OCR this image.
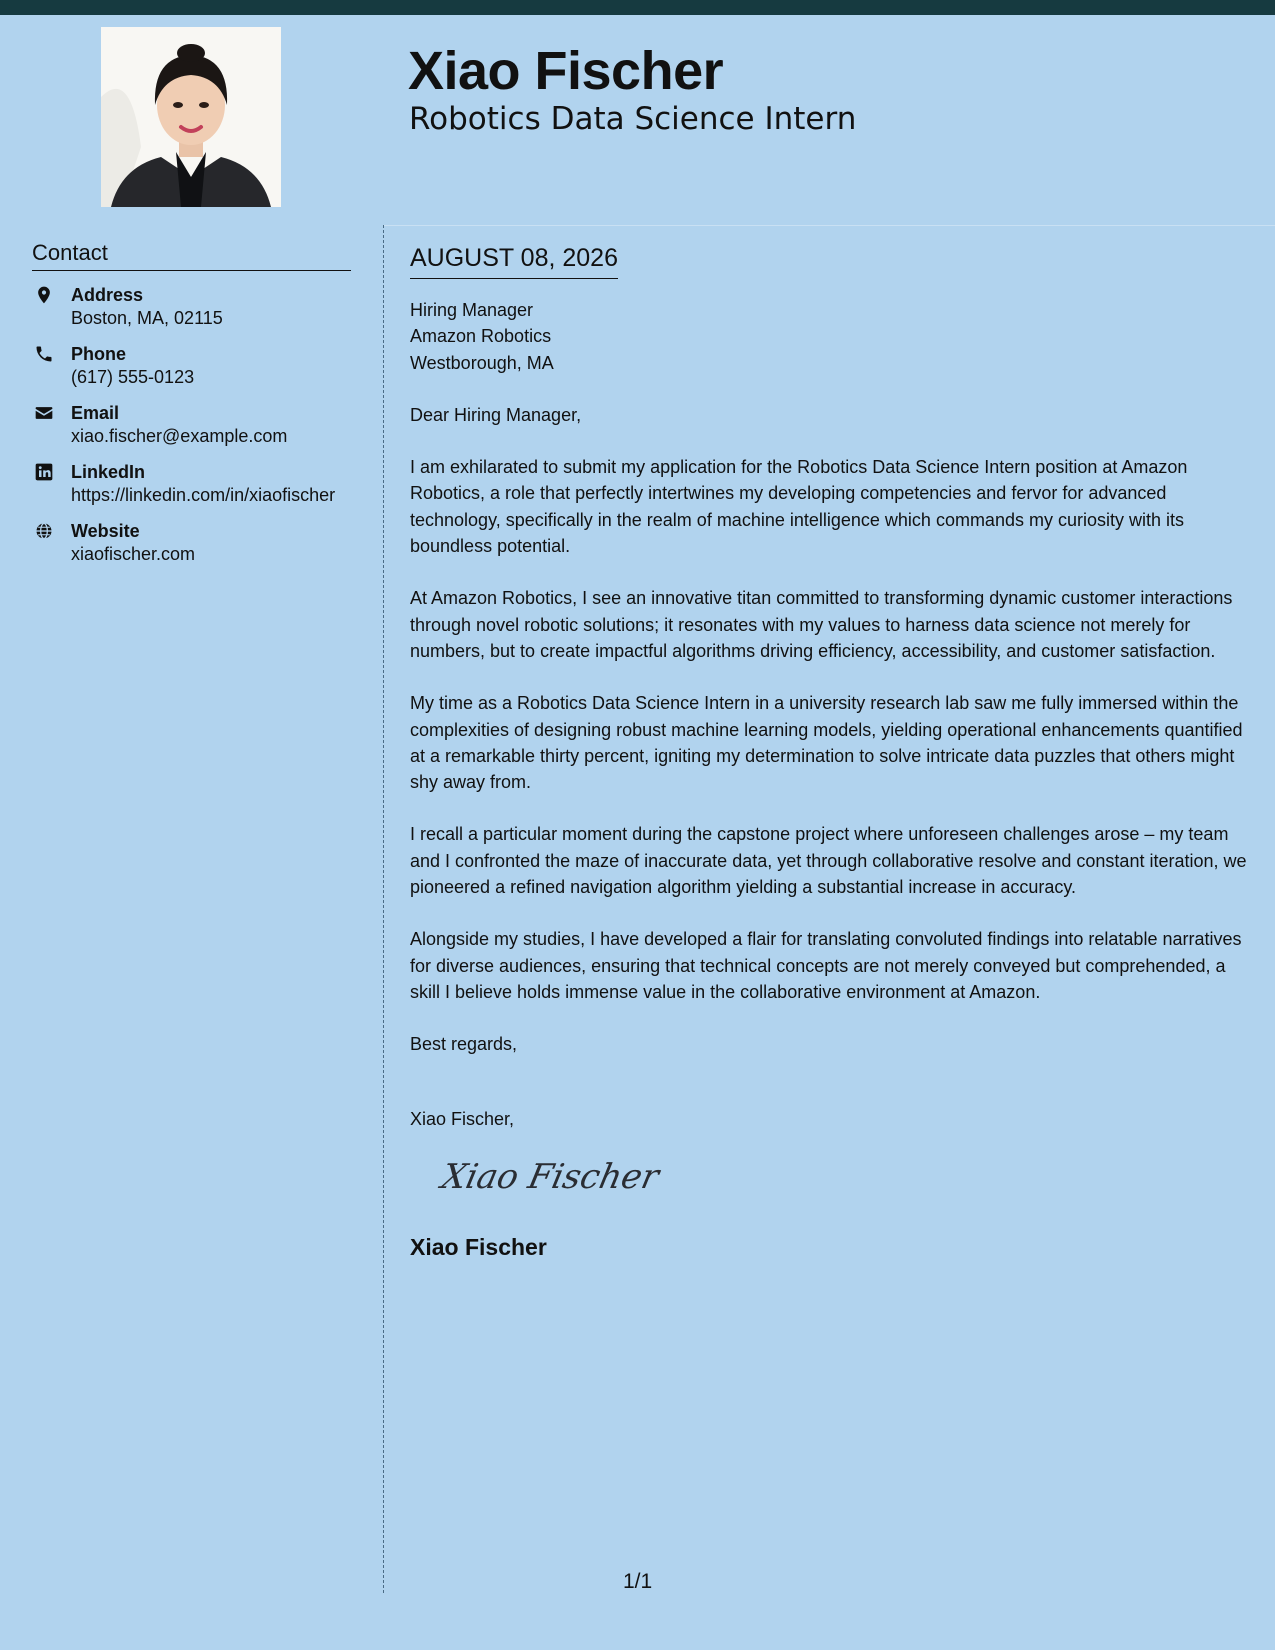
Xiao Fischer
Robotics Data Science Intern
Contact
Address
Boston, MA, 02115
Phone
(617) 555-0123
Email
xiao.fischer@example.com
LinkedIn
https://linkedin.com/in/xiaofischer
Website
xiaofischer.com
AUGUST 08, 2026
Hiring Manager
Amazon Robotics
Westborough, MA

Dear Hiring Manager,

I am exhilarated to submit my application for the Robotics Data Science Intern position at Amazon Robotics, a role that perfectly intertwines my developing competencies and fervor for advanced technology, specifically in the realm of machine intelligence which commands my curiosity with its boundless potential.

At Amazon Robotics, I see an innovative titan committed to transforming dynamic customer interactions through novel robotic solutions; it resonates with my values to harness data science not merely for numbers, but to create impactful algorithms driving efficiency, accessibility, and customer satisfaction.

My time as a Robotics Data Science Intern in a university research lab saw me fully immersed within the complexities of designing robust machine learning models, yielding operational enhancements quantified at a remarkable thirty percent, igniting my determination to solve intricate data puzzles that others might shy away from.

I recall a particular moment during the capstone project where unforeseen challenges arose – my team and I confronted the maze of inaccurate data, yet through collaborative resolve and constant iteration, we pioneered a refined navigation algorithm yielding a substantial increase in accuracy.

Alongside my studies, I have developed a flair for translating convoluted findings into relatable narratives for diverse audiences, ensuring that technical concepts are not merely conveyed but comprehended, a skill I believe holds immense value in the collaborative environment at Amazon.

Best regards,

Xiao Fischer,

Xiao Fischer
Xiao Fischer
1/1
